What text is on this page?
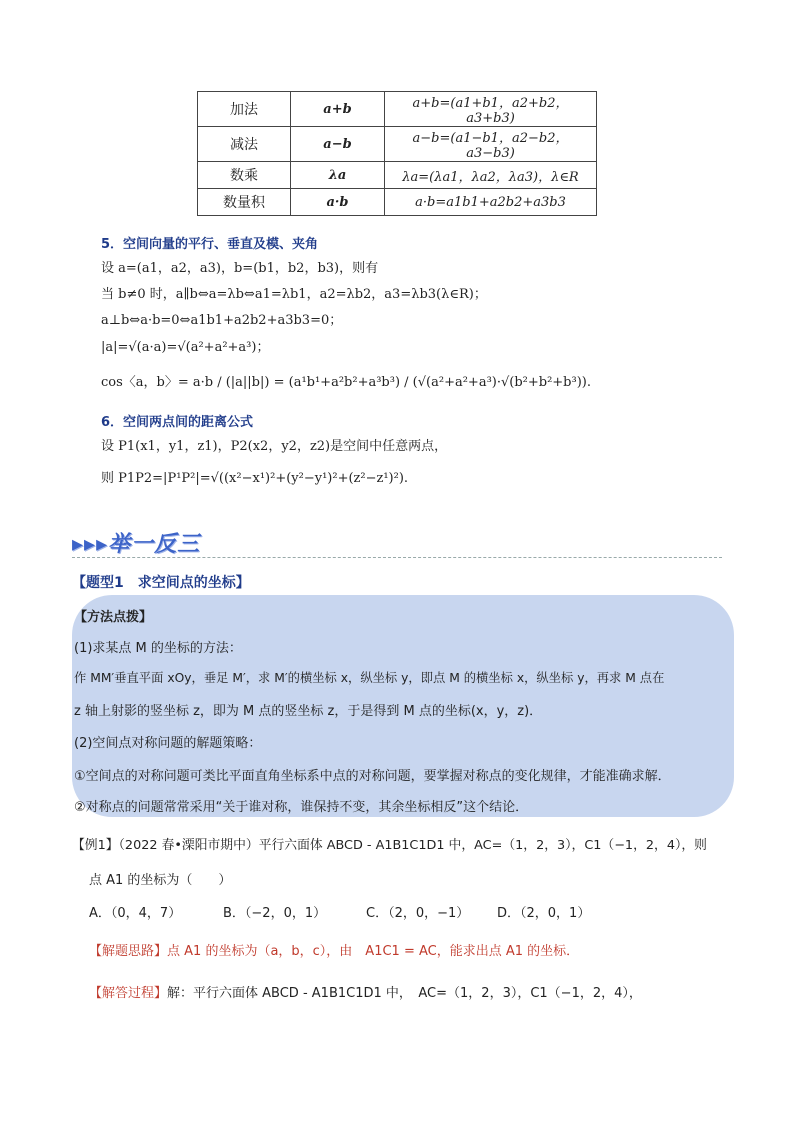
加法	a+b	a+b=(a1+b1，a2+b2，a3+b3)
减法	a−b	a−b=(a1−b1，a2−b2，a3−b3)
数乘	λa	λa=(λa1，λa2，λa3)，λ∈R
数量积	a·b	a·b=a1b1+a2b2+a3b3
5．空间向量的平行、垂直及模、夹角
设 a=(a1，a2，a3)，b=(b1，b2，b3)，则有
当 b≠0 时，a∥b⇔a=λb⇔a1=λb1，a2=λb2，a3=λb3(λ∈R)；
a⊥b⇔a·b=0⇔a1b1+a2b2+a3b3=0；
|a|=√(a·a)=√(a²+a²+a³)；
cos〈a，b〉= a·b / (|a||b|) = (a¹b¹+a²b²+a³b³) / (√(a²+a²+a³)·√(b²+b²+b³)).
6．空间两点间的距离公式
设 P1(x1，y1，z1)，P2(x2，y2，z2)是空间中任意两点，
则 P1P2=|P¹P²|=√((x²−x¹)²+(y²−y¹)²+(z²−z¹)²).
▸▸▸举一反三
【题型1　求空间点的坐标】
【方法点拨】
(1)求某点 M 的坐标的方法：
作 MM′垂直平面 xOy，垂足 M′，求 M′的横坐标 x，纵坐标 y，即点 M 的横坐标 x，纵坐标 y，再求 M 点在
z 轴上射影的竖坐标 z，即为 M 点的竖坐标 z，于是得到 M 点的坐标(x，y，z)．
(2)空间点对称问题的解题策略：
①空间点的对称问题可类比平面直角坐标系中点的对称问题，要掌握对称点的变化规律，才能准确求解．
②对称点的问题常常采用“关于谁对称，谁保持不变，其余坐标相反”这个结论．
【例1】（2022 春•溧阳市期中）平行六面体 ABCD - A1B1C1D1 中，AC=（1，2，3），C1（−1，2，4），则
点 A1 的坐标为（　　）
A．（0，4，7）	B．（−2，0，1）	C．（2，0，−1） D．（2，0，1）
【解题思路】点 A1 的坐标为（a，b，c），由　A1C1 = AC，能求出点 A1 的坐标．
【解答过程】解：平行六面体 ABCD - A1B1C1D1 中，　AC=（1，2，3），C1（−1，2，4），
